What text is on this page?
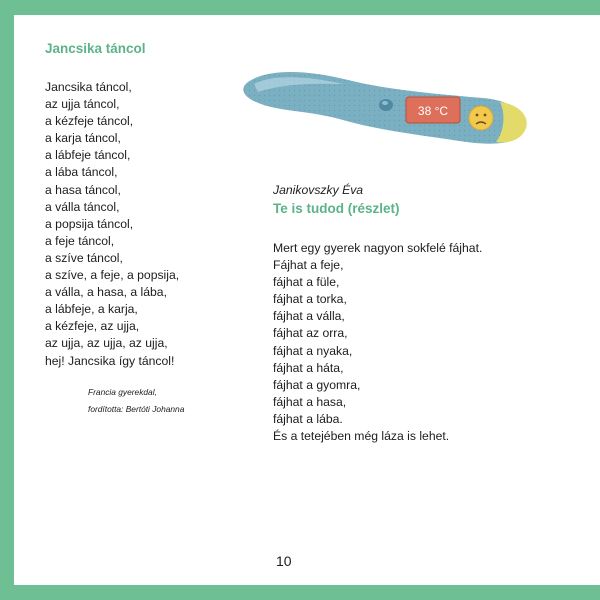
Jancsika táncol
Jancsika táncol,
az ujja táncol,
a kézfeje táncol,
a karja táncol,
a lábfeje táncol,
a lába táncol,
a hasa táncol,
a válla táncol,
a popsija táncol,
a feje táncol,
a szíve táncol,
a szíve, a feje, a popsija,
a válla, a hasa, a lába,
a lábfeje, a karja,
a kézfeje, az ujja,
az ujja, az ujja, az ujja,
hej! Jancsika így táncol!
Francia gyerekdal,
fordította: Bertóti Johanna
38 °C

Janikovszky Éva

Te is tudod (részlet)
Mert egy gyerek nagyon sokfelé fájhat.
Fájhat a feje,
fájhat a füle,
fájhat a torka,
fájhat a válla,
fájhat az orra,
fájhat a nyaka,
fájhat a háta,
fájhat a gyomra,
fájhat a hasa,
fájhat a lába.
És a tetejében még láza is lehet.

10
